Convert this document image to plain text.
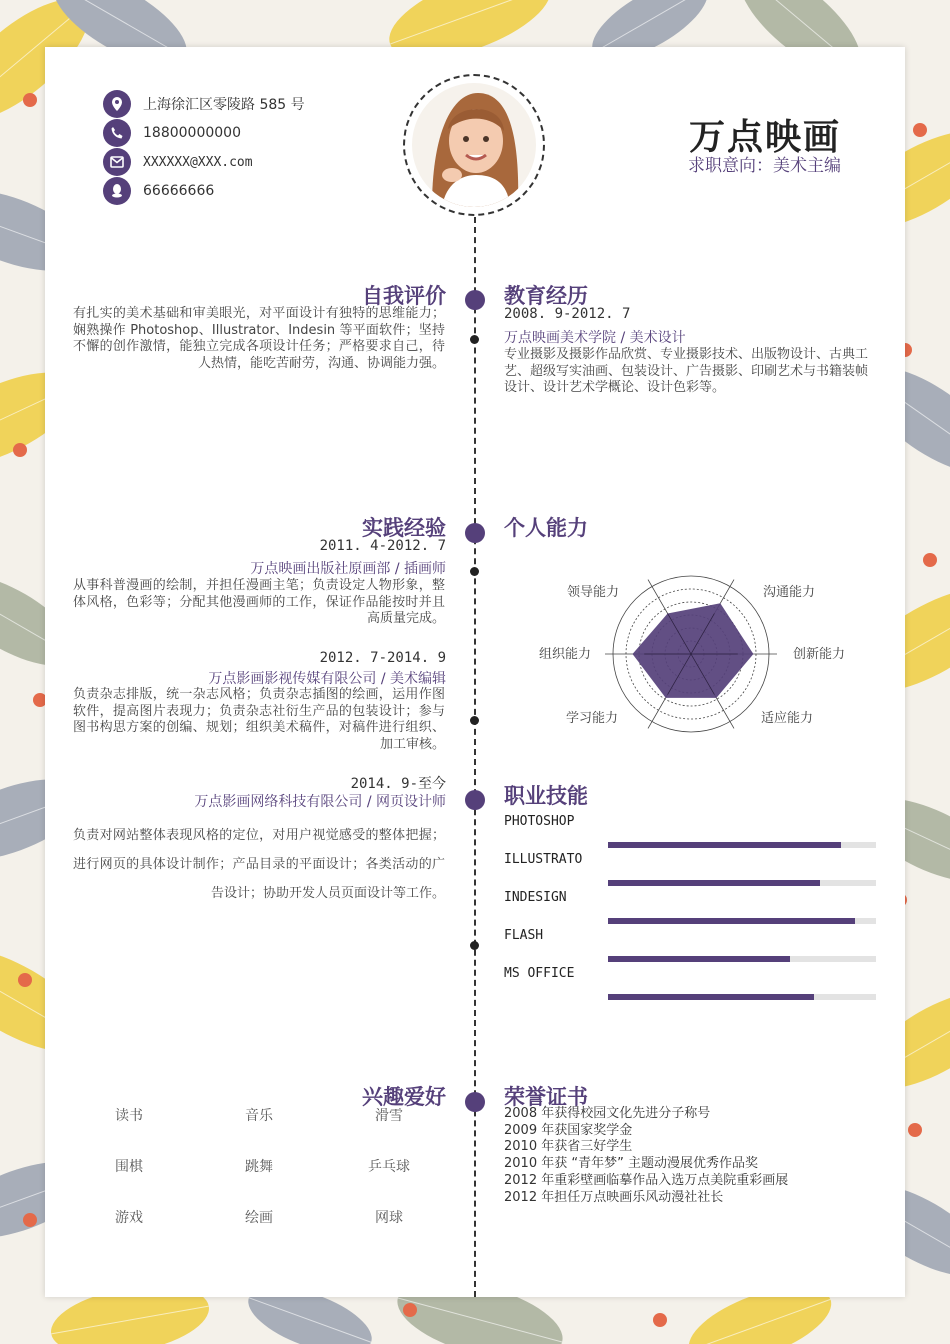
上海徐汇区零陵路 585 号
18800000000
XXXXXX@XXX.com
66666666
万点映画
求职意向：美术主编
自我评价
有扎实的美术基础和审美眼光，对平面设计有独特的思维能力；娴熟操作 Photoshop、Illustrator、Indesin 等平面软件；坚持不懈的创作激情，能独立完成各项设计任务；严格要求自己，待人热情，能吃苦耐劳，沟通、协调能力强。
教育经历
2008. 9-2012. 7
万点映画美术学院 / 美术设计
专业摄影及摄影作品欣赏、专业摄影技术、出版物设计、古典工艺、超级写实油画、包装设计、广告摄影、印刷艺术与书籍装帧设计、设计艺术学概论、设计色彩等。
实践经验
2011. 4-2012. 7
万点映画出版社原画部 / 插画师
从事科普漫画的绘制，并担任漫画主笔；负责设定人物形象，整体风格，色彩等；分配其他漫画师的工作，保证作品能按时并且高质量完成。
2012. 7-2014. 9
万点影画影视传媒有限公司 / 美术编辑
负责杂志排版，统一杂志风格；负责杂志插图的绘画，运用作图软件，提高图片表现力；负责杂志社衍生产品的包装设计；参与图书构思方案的创编、规划；组织美术稿件，对稿件进行组织、加工审核。
2014. 9-至今
万点影画网络科技有限公司 / 网页设计师
负责对网站整体表现风格的定位，对用户视觉感受的整体把握；进行网页的具体设计制作；产品目录的平面设计；各类活动的广告设计；协助开发人员页面设计等工作。
个人能力
领导能力	沟通能力
组织能力	创新能力
学习能力	适应能力
职业技能
PHOTOSHOP
ILLUSTRATO
INDESIGN
FLASH
MS OFFICE
兴趣爱好
读书	音乐	滑雪
围棋	跳舞	乒乓球
游戏	绘画	网球
荣誉证书
2008 年获得校园文化先进分子称号
2009 年获国家奖学金
2010 年获省三好学生
2010 年获 “青年梦” 主题动漫展优秀作品奖
2012 年重彩壁画临摹作品入选万点美院重彩画展
2012 年担任万点映画乐风动漫社社长
